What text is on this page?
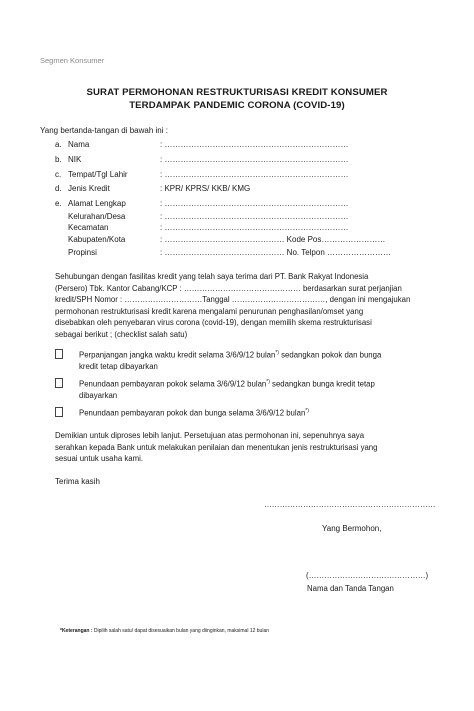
Segmen Konsumer
SURAT PERMOHONAN RESTRUKTURISASI KREDIT KONSUMER
TERDAMPAK PANDEMIC CORONA (COVID-19)
Yang bertanda-tangan di bawah ini :
a. Nama	: ……………………………………………………………
b. NIK	: ……………………………………………………………
c. Tempat/Tgl Lahir	: ……………………………………………………………
d. Jenis Kredit	: KPR/ KPRS/ KKB/ KMG
e. Alamat Lengkap	: ……………………………………………………………
Kelurahan/Desa	: ……………………………………………………………
Kecamatan	: ……………………………………………………………
Kabupaten/Kota	: ……………………………………… Kode Pos……………………
Propinsi	: ……………………………………… No. Telpon ……………………
Sehubungan dengan fasilitas kredit yang telah saya terima dari PT. Bank Rakyat Indonesia
(Persero) Tbk. Kantor Cabang/KCP : ……………………………………… berdasarkan surat perjanjian
kredit/SPH Nomor : …………………………Tanggal ………………………………, dengan ini mengajukan
permohonan restrukturisasi kredit karena mengalami penurunan penghasilan/omset yang
disebabkan oleh penyebaran virus corona (covid-19), dengan memilih skema restrukturisasi
sebagai berikut ; (checklist salah satu)
Perpanjangan jangka waktu kredit selama 3/6/9/12 bulan*) sedangkan pokok dan bunga
kredit tetap dibayarkan
Penundaan pembayaran pokok selama 3/6/9/12 bulan*) sedangkan bunga kredit tetap
dibayarkan
Penundaan pembayaran pokok dan bunga selama 3/6/9/12 bulan*)
Demikian untuk diproses lebih lanjut. Persetujuan atas permohonan ini, sepenuhnya saya
serahkan kepada Bank untuk melakukan penilaian dan menentukan jenis restrukturisasi yang
sesuai untuk usaha kami.
Terima kasih
…………………………………………………………
Yang Bermohon,
(………………………………………)
Nama dan Tanda Tangan
*Keterangan : Dipilih salah satu/ dapat disesuaikan bulan yang diinginkan, maksimal 12 bulan
